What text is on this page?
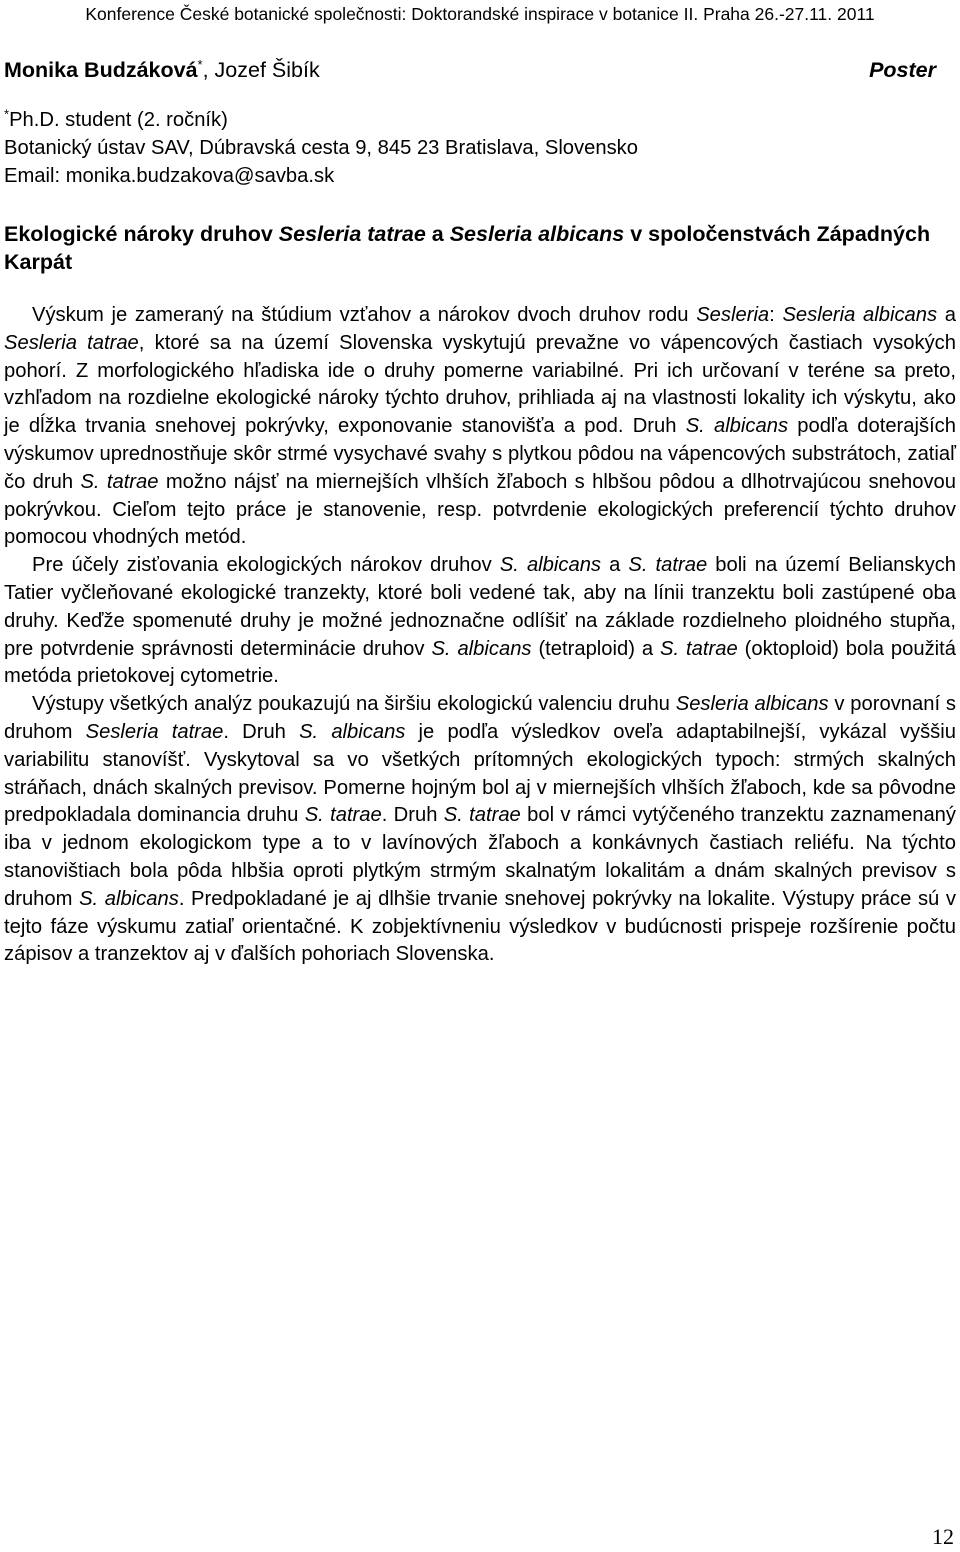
Konference České botanické společnosti: Doktorandské inspirace v botanice II. Praha 26.-27.11. 2011
Monika Budzáková*, Jozef Šibík	Poster
*Ph.D. student (2. ročník)
Botanický ústav SAV, Dúbravská cesta 9, 845 23 Bratislava, Slovensko
Email: monika.budzakova@savba.sk
Ekologické nároky druhov Sesleria tatrae a Sesleria albicans v spoločenstvách Západných Karpát

Výskum je zameraný na štúdium vzťahov a nárokov dvoch druhov rodu Sesleria: Sesleria albicans a Sesleria tatrae, ktoré sa na území Slovenska vyskytujú prevažne vo vápencových častiach vysokých pohorí. Z morfologického hľadiska ide o druhy pomerne variabilné. Pri ich určovaní v teréne sa preto, vzhľadom na rozdielne ekologické nároky týchto druhov, prihliada aj na vlastnosti lokality ich výskytu, ako je dĺžka trvania snehovej pokrývky, exponovanie stanovišťa a pod. Druh S. albicans podľa doterajších výskumov uprednostňuje skôr strmé vysychavé svahy s plytkou pôdou na vápencových substrátoch, zatiaľ čo druh S. tatrae možno nájsť na miernejších vlhších žľaboch s hlbšou pôdou a dlhotrvajúcou snehovou pokrývkou. Cieľom tejto práce je stanovenie, resp. potvrdenie ekologických preferencií týchto druhov pomocou vhodných metód.

Pre účely zisťovania ekologických nárokov druhov S. albicans a S. tatrae boli na území Belianskych Tatier vyčleňované ekologické tranzekty, ktoré boli vedené tak, aby na línii tranzektu boli zastúpené oba druhy. Keďže spomenuté druhy je možné jednoznačne odlíšiť na základe rozdielneho ploidného stupňa, pre potvrdenie správnosti determinácie druhov S. albicans (tetraploid) a S. tatrae (oktoploid) bola použitá metóda prietokovej cytometrie.

Výstupy všetkých analýz poukazujú na širšiu ekologickú valenciu druhu Sesleria albicans v porovnaní s druhom Sesleria tatrae. Druh S. albicans je podľa výsledkov oveľa adaptabilnejší, vykázal vyššiu variabilitu stanovíšť. Vyskytoval sa vo všetkých prítomných ekologických typoch: strmých skalných stráňach, dnách skalných previsov. Pomerne hojným bol aj v miernejších vlhších žľaboch, kde sa pôvodne predpokladala dominancia druhu S. tatrae. Druh S. tatrae bol v rámci vytýčeného tranzektu zaznamenaný iba v jednom ekologickom type a to v lavínových žľaboch a konkávnych častiach reliéfu. Na týchto stanovištiach bola pôda hlbšia oproti plytkým strmým skalnatým lokalitám a dnám skalných previsov s druhom S. albicans. Predpokladané je aj dlhšie trvanie snehovej pokrývky na lokalite. Výstupy práce sú v tejto fáze výskumu zatiaľ orientačné. K zobjektívneniu výsledkov v budúcnosti prispeje rozšírenie počtu zápisov a tranzektov aj v ďalších pohoriach Slovenska.

12
